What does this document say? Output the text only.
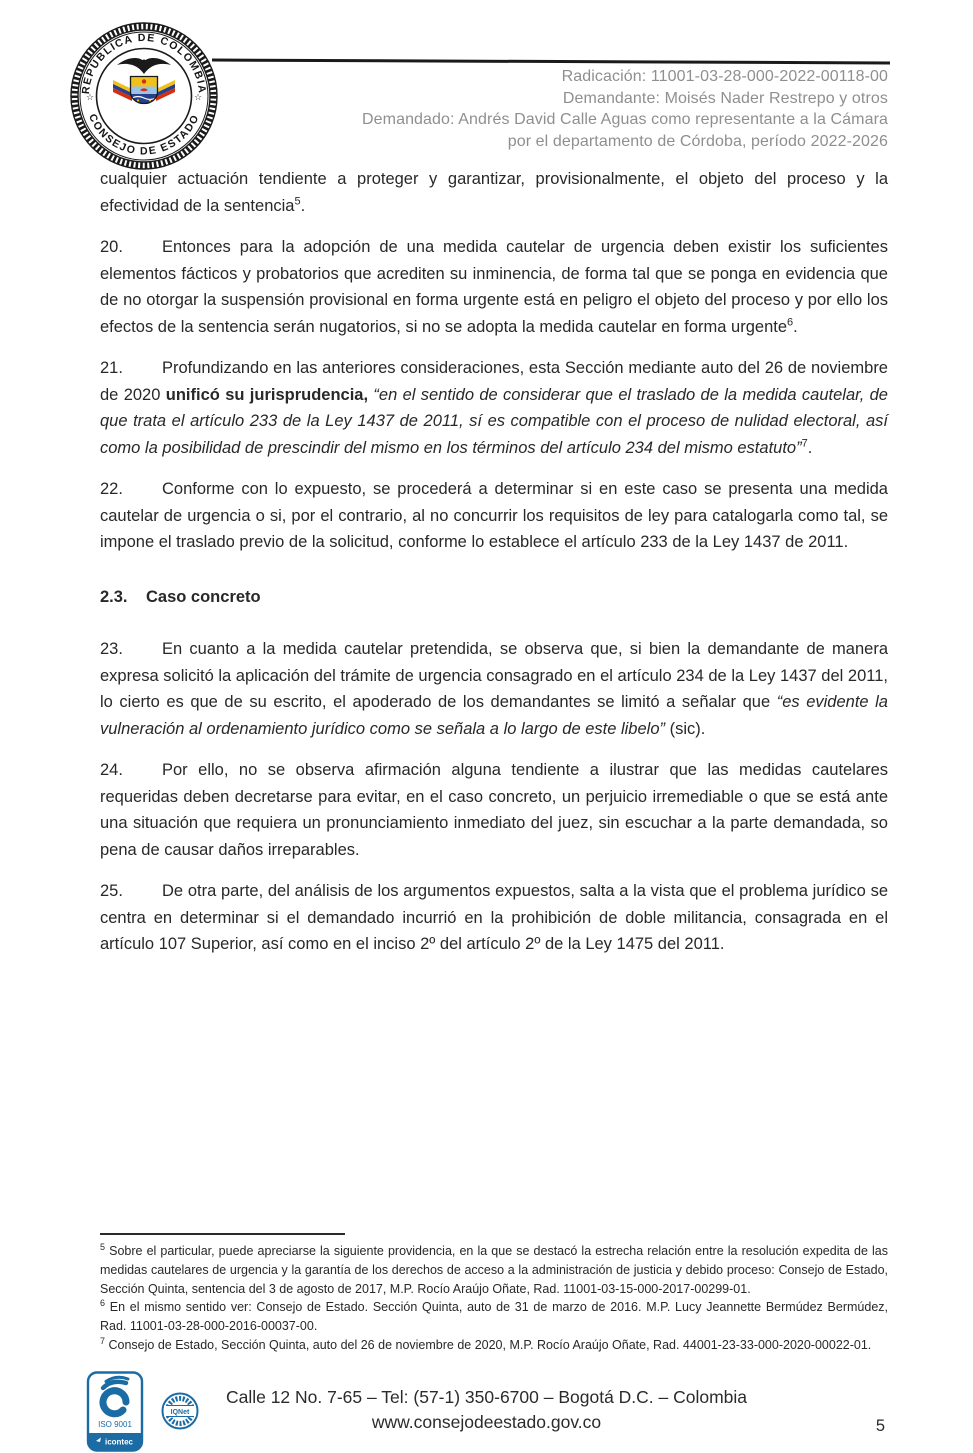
REPÚBLICA DE COLOMBIA
CONSEJO DE ESTADO
☆	☆
Radicación: 11001-03-28-000-2022-00118-00
Demandante: Moisés Nader Restrepo y otros
Demandado: Andrés David Calle Aguas como representante a la Cámara
por el departamento de Córdoba, período 2022-2026

cualquier actuación tendiente a proteger y garantizar, provisionalmente, el objeto del proceso y la efectividad de la sentencia$^5$.

20. Entonces para la adopción de una medida cautelar de urgencia deben existir los suficientes elementos fácticos y probatorios que acrediten su inminencia, de forma tal que se ponga en evidencia que de no otorgar la suspensión provisional en forma urgente está en peligro el objeto del proceso y por ello los efectos de la sentencia serán nugatorios, si no se adopta la medida cautelar en forma urgente$^6$.

21. Profundizando en las anteriores consideraciones, esta Sección mediante auto del 26 de noviembre de 2020 unificó su jurisprudencia, “en el sentido de considerar que el traslado de la medida cautelar, de que trata el artículo 233 de la Ley 1437 de 2011, sí es compatible con el proceso de nulidad electoral, así como la posibilidad de prescindir del mismo en los términos del artículo 234 del mismo estatuto”$^7$.

22. Conforme con lo expuesto, se procederá a determinar si en este caso se presenta una medida cautelar de urgencia o si, por el contrario, al no concurrir los requisitos de ley para catalogarla como tal, se impone el traslado previo de la solicitud, conforme lo establece el artículo 233 de la Ley 1437 de 2011.

2.3. Caso concreto

23. En cuanto a la medida cautelar pretendida, se observa que, si bien la demandante de manera expresa solicitó la aplicación del trámite de urgencia consagrado en el artículo 234 de la Ley 1437 del 2011, lo cierto es que de su escrito, el apoderado de los demandantes se limitó a señalar que “es evidente la vulneración al ordenamiento jurídico como se señala a lo largo de este libelo” (sic).

24. Por ello, no se observa afirmación alguna tendiente a ilustrar que las medidas cautelares requeridas deben decretarse para evitar, en el caso concreto, un perjuicio irremediable o que se está ante una situación que requiera un pronunciamiento inmediato del juez, sin escuchar a la parte demandada, so pena de causar daños irreparables.

25. De otra parte, del análisis de los argumentos expuestos, salta a la vista que el problema jurídico se centra en determinar si el demandado incurrió en la prohibición de doble militancia, consagrada en el artículo 107 Superior, así como en el inciso 2º del artículo 2º de la Ley 1475 del 2011.

$^5$ Sobre el particular, puede apreciarse la siguiente providencia, en la que se destacó la estrecha relación entre la resolución expedita de las medidas cautelares de urgencia y la garantía de los derechos de acceso a la administración de justicia y debido proceso: Consejo de Estado, Sección Quinta, sentencia del 3 de agosto de 2017, M.P. Rocío Araújo Oñate, Rad. 11001-03-15-000-2017-00299-01.

$^6$ En el mismo sentido ver: Consejo de Estado. Sección Quinta, auto de 31 de marzo de 2016. M.P. Lucy Jeannette Bermúdez Bermúdez, Rad. 11001-03-28-000-2016-00037-00.

$^7$ Consejo de Estado, Sección Quinta, auto del 26 de noviembre de 2020, M.P. Rocío Araújo Oñate, Rad. 44001-23-33-000-2020-00022-01.

ISO 9001
icontec
IQNet
Calle 12 No. 7-65 – Tel: (57-1) 350-6700 – Bogotá D.C. – Colombia
www.consejodeestado.gov.co	5
